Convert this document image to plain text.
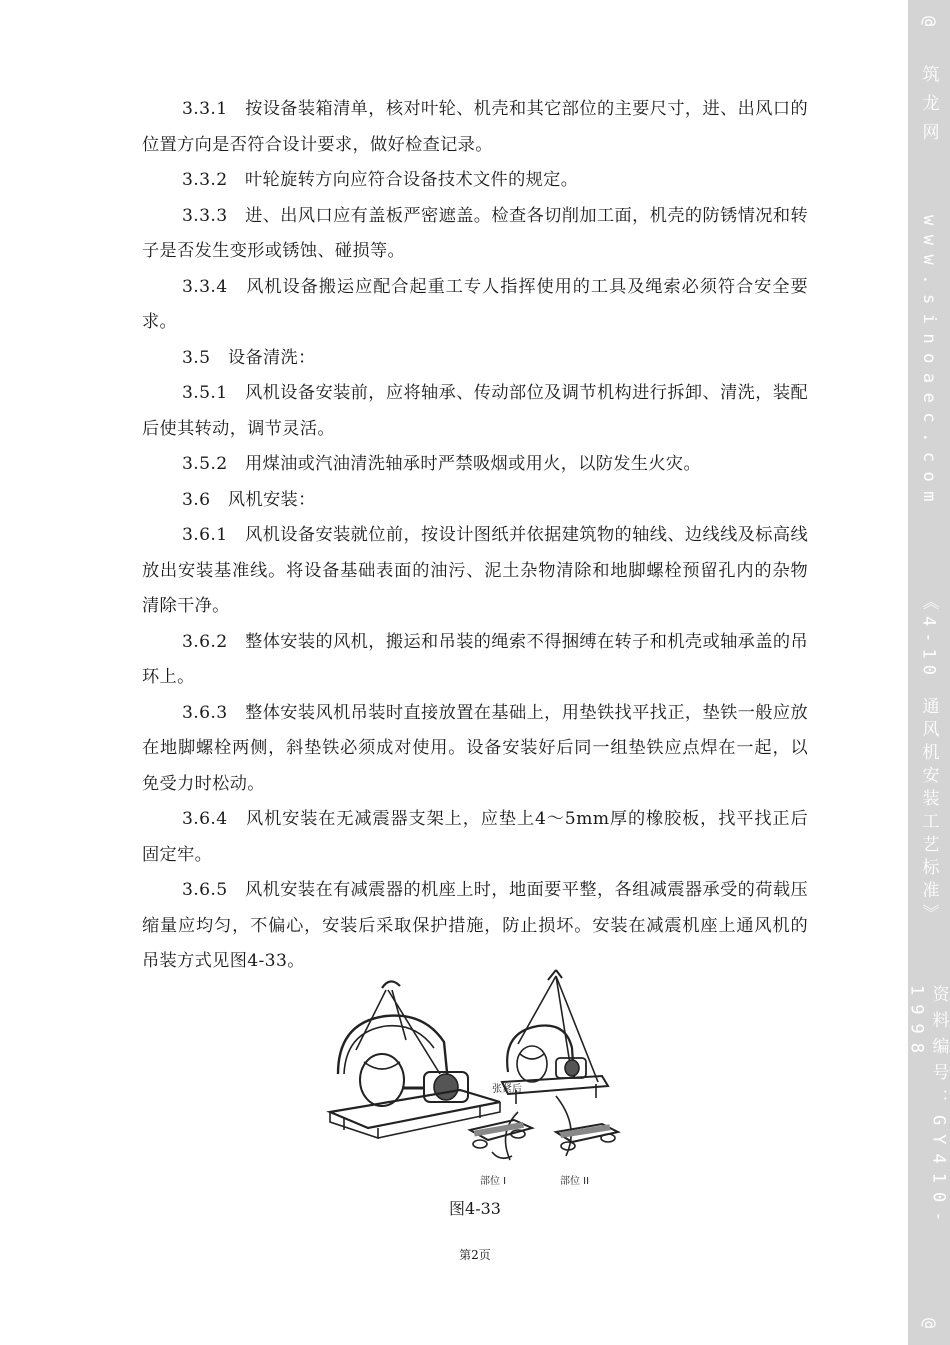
3.3.1　按设备装箱清单，核对叶轮、机壳和其它部位的主要尺寸，进、出风口的位置方向是否符合设计要求，做好检查记录。

3.3.2　叶轮旋转方向应符合设备技术文件的规定。

3.3.3　进、出风口应有盖板严密遮盖。检查各切削加工面，机壳的防锈情况和转子是否发生变形或锈蚀、碰损等。

3.3.4　风机设备搬运应配合起重工专人指挥使用的工具及绳索必须符合安全要求。

3.5　设备清洗：

3.5.1　风机设备安装前，应将轴承、传动部位及调节机构进行拆卸、清洗，装配后使其转动，调节灵活。

3.5.2　用煤油或汽油清洗轴承时严禁吸烟或用火，以防发生火灾。

3.6　风机安装：

3.6.1　风机设备安装就位前，按设计图纸并依据建筑物的轴线、边线线及标高线放出安装基准线。将设备基础表面的油污、泥土杂物清除和地脚螺栓预留孔内的杂物清除干净。

3.6.2　整体安装的风机，搬运和吊装的绳索不得捆缚在转子和机壳或轴承盖的吊环上。

3.6.3　整体安装风机吊装时直接放置在基础上，用垫铁找平找正，垫铁一般应放在地脚螺栓两侧，斜垫铁必须成对使用。设备安装好后同一组垫铁应点焊在一起，以免受力时松动。

3.6.4　风机安装在无减震器支架上，应垫上4～5mm厚的橡胶板，找平找正后固定牢。

3.6.5　风机安装在有减震器的机座上时，地面要平整，各组减震器承受的荷载压缩量应均匀，不偏心，安装后采取保护措施，防止损坏。安装在减震机座上通风机的吊装方式见图4-33。

张紧后
部位 I	部位 II
图4-33
第2页
@
筑龙网
www.sinoaec.com
《4-10 通风机安装工艺标准》
资料编号：GY410-1998
@
